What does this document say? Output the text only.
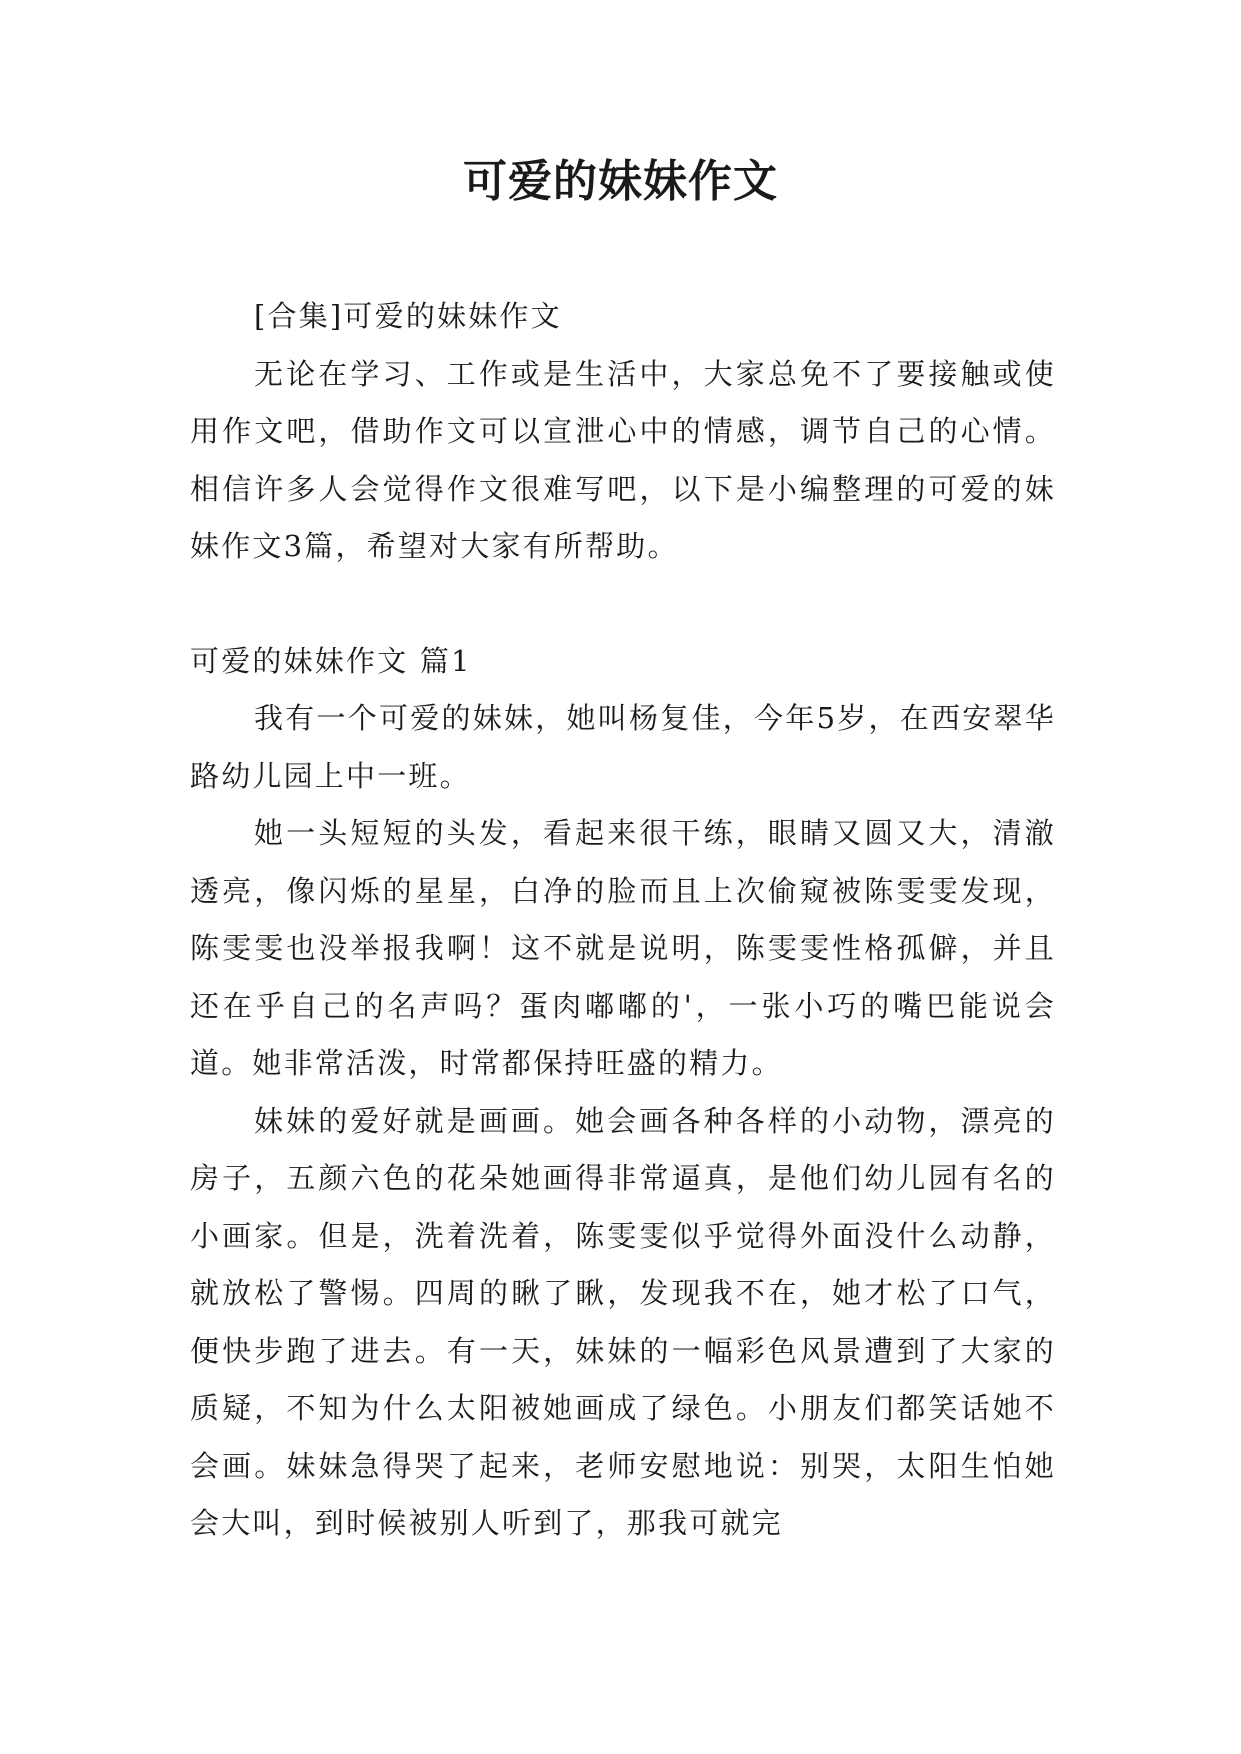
可爱的妹妹作文

[合集]可爱的妹妹作文

无论在学习、工作或是生活中，大家总免不了要接触或使用作文吧，借助作文可以宣泄心中的情感，调节自己的心情。相信许多人会觉得作文很难写吧，以下是小编整理的可爱的妹妹作文3篇，希望对大家有所帮助。

可爱的妹妹作文 篇1

我有一个可爱的妹妹，她叫杨复佳，今年5岁，在西安翠华路幼儿园上中一班。

她一头短短的头发，看起来很干练，眼睛又圆又大，清澈透亮，像闪烁的星星，白净的脸而且上次偷窥被陈雯雯发现，陈雯雯也没举报我啊！这不就是说明，陈雯雯性格孤僻，并且还在乎自己的名声吗？蛋肉嘟嘟的'，一张小巧的嘴巴能说会道。她非常活泼，时常都保持旺盛的精力。

妹妹的爱好就是画画。她会画各种各样的小动物，漂亮的房子，五颜六色的花朵她画得非常逼真，是他们幼儿园有名的小画家。但是，洗着洗着，陈雯雯似乎觉得外面没什么动静，就放松了警惕。四周的瞅了瞅，发现我不在，她才松了口气，便快步跑了进去。有一天，妹妹的一幅彩色风景遭到了大家的质疑，不知为什么太阳被她画成了绿色。小朋友们都笑话她不会画。妹妹急得哭了起来，老师安慰地说：别哭，太阳生怕她会大叫，到时候被别人听到了，那我可就完
